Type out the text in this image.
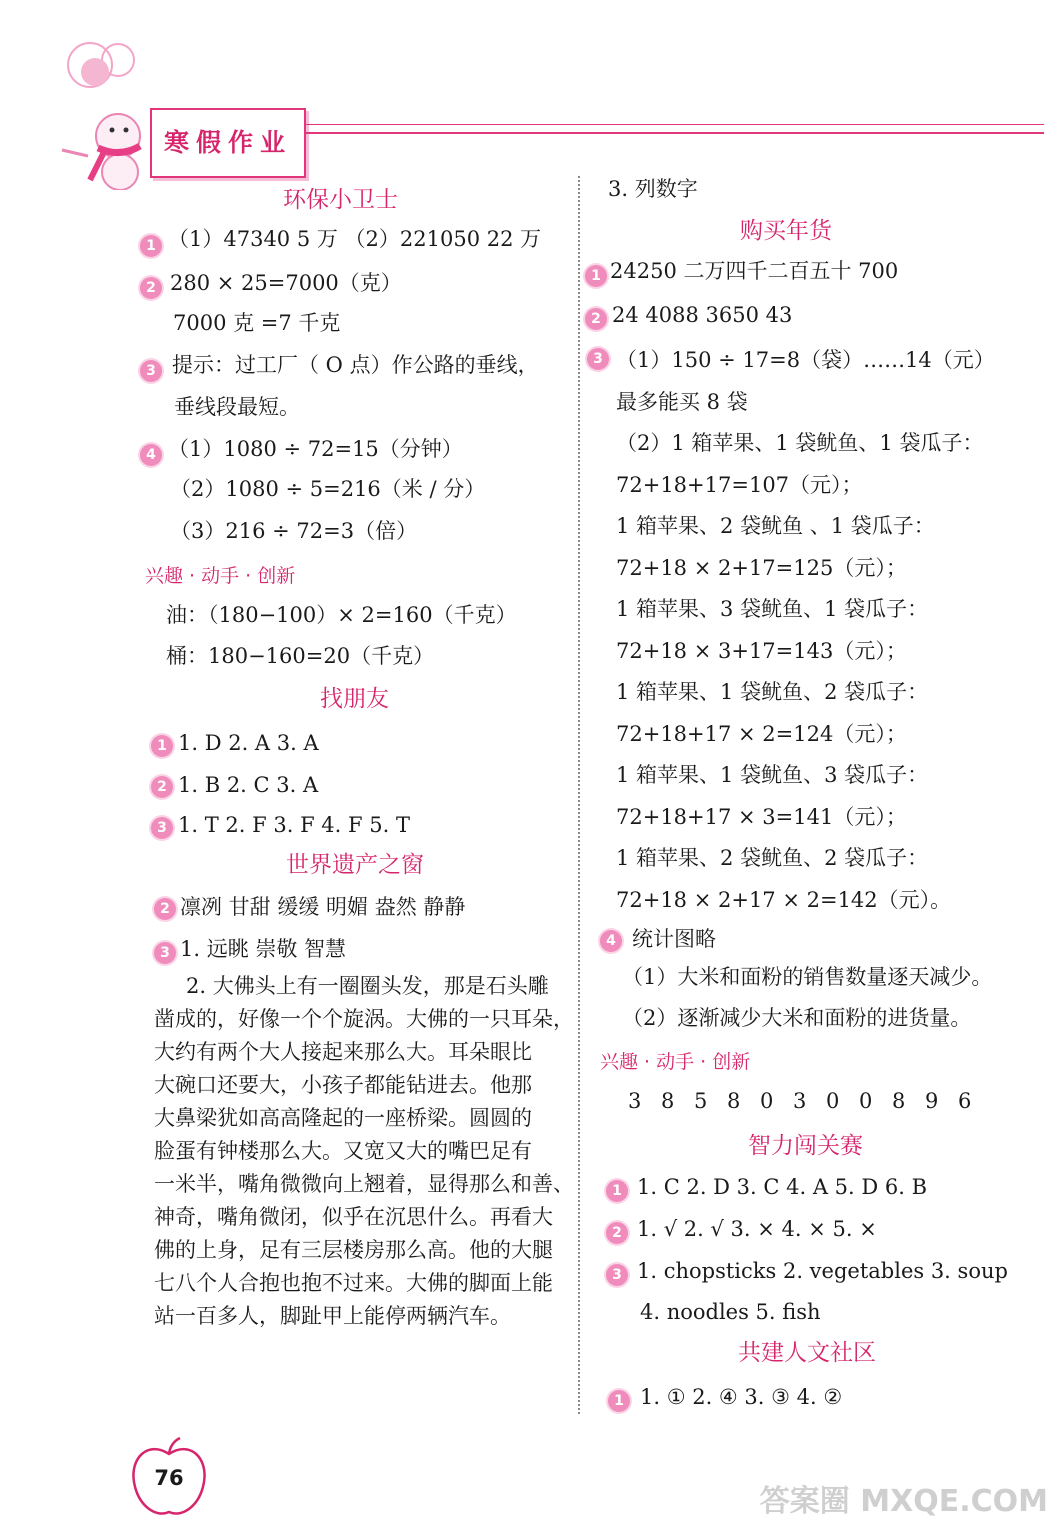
寒假作业
环保小卫士
1 （1）47340 5 万 （2）221050 22 万
2 280 × 25=7000（克）
7000 克 =7 千克
3 提示：过工厂（ O 点）作公路的垂线，
垂线段最短。
4 （1）1080 ÷ 72=15（分钟）
（2）1080 ÷ 5=216（米 / 分）
（3）216 ÷ 72=3（倍）
兴趣 · 动手 · 创新
油：（180−100）× 2=160（千克）
桶：180−160=20（千克）
找朋友
1 1. D 2. A 3. A
2 1. B 2. C 3. A
3 1. T 2. F 3. F 4. F 5. T
世界遗产之窗
2 凛冽 甘甜 缓缓 明媚 盎然 静静
3 1. 远眺 崇敬 智慧
2. 大佛头上有一圈圈头发，那是石头雕
凿成的，好像一个个旋涡。大佛的一只耳朵，
大约有两个大人接起来那么大。耳朵眼比
大碗口还要大，小孩子都能钻进去。他那
大鼻梁犹如高高隆起的一座桥梁。圆圆的
脸蛋有钟楼那么大。又宽又大的嘴巴足有
一米半，嘴角微微向上翘着，显得那么和善、
神奇，嘴角微闭，似乎在沉思什么。再看大
佛的上身，足有三层楼房那么高。他的大腿
七八个人合抱也抱不过来。大佛的脚面上能
站一百多人，脚趾甲上能停两辆汽车。
3. 列数字
购买年货
1 24250 二万四千二百五十 700
2 24 4088 3650 43
3 （1）150 ÷ 17=8（袋）……14（元）
最多能买 8 袋
（2）1 箱苹果、1 袋鱿鱼、1 袋瓜子：
72+18+17=107（元）；
1 箱苹果、2 袋鱿鱼 、1 袋瓜子：
72+18 × 2+17=125（元）；
1 箱苹果、3 袋鱿鱼、1 袋瓜子：
72+18 × 3+17=143（元）；
1 箱苹果、1 袋鱿鱼、2 袋瓜子：
72+18+17 × 2=124（元）；
1 箱苹果、1 袋鱿鱼、3 袋瓜子：
72+18+17 × 3=141（元）；
1 箱苹果、2 袋鱿鱼、2 袋瓜子：
72+18 × 2+17 × 2=142（元）。
4 统计图略
（1）大米和面粉的销售数量逐天减少。
（2）逐渐减少大米和面粉的进货量。
兴趣 · 动手 · 创新
3 8 5 8 0 3 0 0 8 9 6
智力闯关赛
1 1. C 2. D 3. C 4. A 5. D 6. B
2 1. √ 2. √ 3. × 4. × 5. ×
3 1. chopsticks 2. vegetables 3. soup
4. noodles 5. fish
共建人文社区
1 1. ① 2. ④ 3. ③ 4. ②
76
答案圈 MXQE.COM
